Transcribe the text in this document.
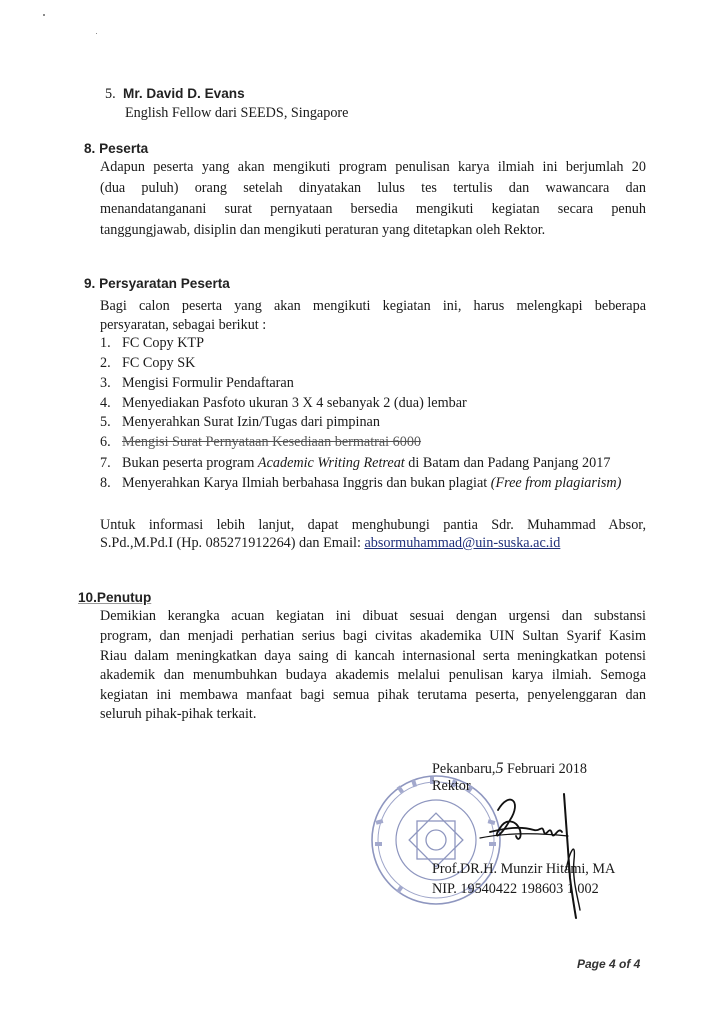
5. Mr. David D. Evans
English Fellow dari SEEDS, Singapore
8. Peserta
Adapun peserta yang akan mengikuti program penulisan karya ilmiah ini berjumlah 20
(dua puluh) orang setelah dinyatakan lulus tes tertulis dan wawancara dan
menandatanganani surat pernyataan bersedia mengikuti kegiatan secara penuh
tanggungjawab, disiplin dan mengikuti peraturan yang ditetapkan oleh Rektor.
9. Persyaratan Peserta
Bagi calon peserta yang akan mengikuti kegiatan ini, harus melengkapi beberapa
persyaratan, sebagai berikut :
1. FC Copy KTP
2. FC Copy SK
3. Mengisi Formulir Pendaftaran
4. Menyediakan Pasfoto ukuran 3 X 4 sebanyak 2 (dua) lembar
5. Menyerahkan Surat Izin/Tugas dari pimpinan
6. Mengisi Surat Pernyataan Kesediaan bermatrai 6000
7. Bukan peserta program Academic Writing Retreat di Batam dan Padang Panjang 2017
8. Menyerahkan Karya Ilmiah berbahasa Inggris dan bukan plagiat (Free from plagiarism)
Untuk informasi lebih lanjut, dapat menghubungi pantia Sdr. Muhammad Absor,
S.Pd.,M.Pd.I (Hp. 085271912264) dan Email: absormuhammad@uin-suska.ac.id
10.Penutup
Demikian kerangka acuan kegiatan ini dibuat sesuai dengan urgensi dan substansi
program, dan menjadi perhatian serius bagi civitas akademika UIN Sultan Syarif Kasim
Riau dalam meningkatkan daya saing di kancah internasional serta meningkatkan potensi
akademik dan menumbuhkan budaya akademis melalui penulisan karya ilmiah. Semoga
kegiatan ini membawa manfaat bagi semua pihak terutama peserta, penyelenggaran dan
seluruh pihak-pihak terkait.
Pekanbaru,5 Februari 2018
Rektor
Prof.DR.H. Munzir Hitami, MA
NIP. 19540422 198603 1 002
Page 4 of 4
